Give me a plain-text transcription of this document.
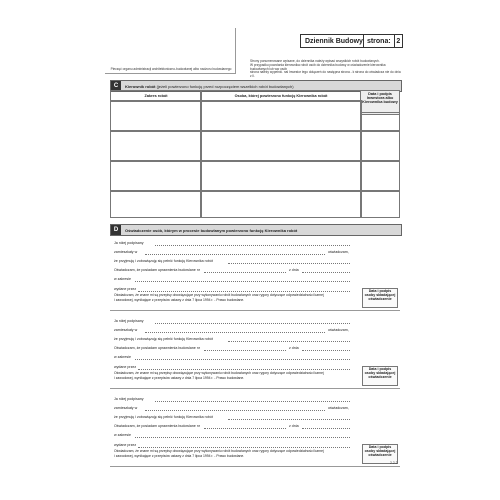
Pieczęć organu administracji architektoniczno-budowlanej albo nadzoru budowlanego
Dziennik Budowy strona: 2
Strony ponumerowane wpisane, do dziennika należy wpisać wszystkich robót budowlanych.
W przypadku powołania kierownika robót osób do dziennika budowy w oświadczenie kierownika budowlanych lub ww osób
strona należy wypełnić. nal Inwestor lego dołączeń do następna strona - k strona do oświadcza nie do dnia z ll.
C	Kierownik robót (jeżeli powierzono funkcję przed rozpoczęciem wszelkich robót budowlanych)
Zakres robót	Osoba, której powierzono funkcję Kierownika robót	Data i podpis Inwestora albo Kierownika budowy
D	Oświadczenie osób, którym w procesie budowlanym powierzono funkcję Kierownika robót
Ja niżej podpisany
zamieszkały w	oświadczam,
że przyjmuję i zobowiązuję się pełnić funkcję Kierownika robót
Oświadczam, że posiadam uprawnienia budowlane nr	z dnia
w zakresie
wydane przez
Oświadczam, że znane mi są przepisy obowiązujące przy wykonywaniu robót budowlanych oraz rygory dotyczące odpowiedzialności karnej
i zawodowej, wynikające z przepisów ustawy z dnia 7 lipca 1994 r. - Prawo budowlane.
Data i podpis osoby składającej oświadczenie
Ja niżej podpisany
zamieszkały w	oświadczam,
że przyjmuję i zobowiązuję się pełnić funkcję Kierownika robót
Oświadczam, że posiadam uprawnienia budowlane nr	z dnia
w zakresie
wydane przez
Oświadczam, że znane mi są przepisy obowiązujące przy wykonywaniu robót budowlanych oraz rygory dotyczące odpowiedzialności karnej
i zawodowej, wynikające z przepisów ustawy z dnia 7 lipca 1994 r. - Prawo budowlane.
Data i podpis osoby składającej oświadczenie
Ja niżej podpisany
zamieszkały w	oświadczam,
że przyjmuję i zobowiązuję się pełnić funkcję Kierownika robót
Oświadczam, że posiadam uprawnienia budowlane nr	z dnia
w zakresie
wydane przez
Oświadczam, że znane mi są przepisy obowiązujące przy wykonywaniu robót budowlanych oraz rygory dotyczące odpowiedzialności karnej
i zawodowej, wynikające z przepisów ustawy z dnia 7 lipca 1994 r. - Prawo budowlane.
Data i podpis osoby składającej oświadczenie
2-2-2
